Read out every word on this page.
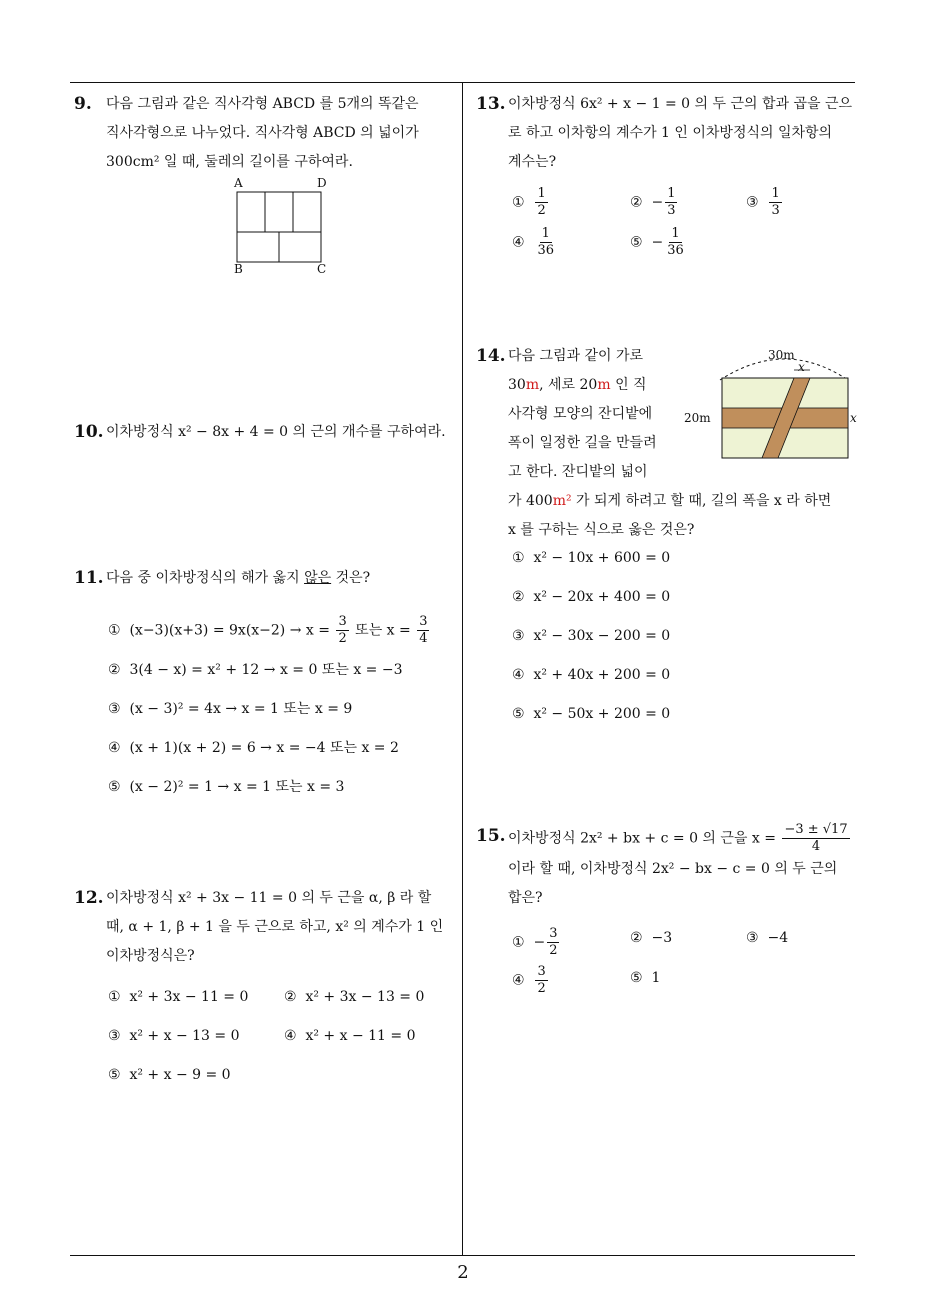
9. 다음 그림과 같은 직사각형 ABCD 를 5개의 똑같은
직사각형으로 나누었다. 직사각형 ABCD 의 넓이가
300cm² 일 때, 둘레의 길이를 구하여라.
A	D
B	C
10. 이차방정식 x² − 8x + 4 = 0 의 근의 개수를 구하여라.
11. 다음 중 이차방정식의 해가 옳지 않은 것은?
① $(x-3)(x+3) = 9x(x-2) \to x = \frac{3}{2}$ 또는 $x = \frac{3}{4}$
② 3(4 − x) = x² + 12 → x = 0 또는 x = −3
③ (x − 3)² = 4x → x = 1 또는 x = 9
④ (x + 1)(x + 2) = 6 → x = −4 또는 x = 2
⑤ (x − 2)² = 1 → x = 1 또는 x = 3
12. 이차방정식 x² + 3x − 11 = 0 의 두 근을 α, β 라 할
때, α + 1, β + 1 을 두 근으로 하고, x² 의 계수가 1 인
이차방정식은?
① x² + 3x − 11 = 0	② x² + 3x − 13 = 0
③ x² + x − 13 = 0	④ x² + x − 11 = 0
⑤ x² + x − 9 = 0
13. 이차방정식 6x² + x − 1 = 0 의 두 근의 합과 곱을 근으
로 하고 이차항의 계수가 1 인 이차방정식의 일차항의
계수는?
① $\frac{1}{2}$	② − $\frac{1}{3}$	③ $\frac{1}{3}$
④ $\frac{1}{36}$	⑤ − $\frac{1}{36}$
14. 다음 그림과 같이 가로
30m, 세로 20m 인 직
사각형 모양의 잔디밭에
폭이 일정한 길을 만들려
고 한다. 잔디밭의 넓이
가 400m² 가 되게 하려고 할 때, 길의 폭을 x 라 하면
x 를 구하는 식으로 옳은 것은?
30m
x
20m	x
① x² − 10x + 600 = 0
② x² − 20x + 400 = 0
③ x² − 30x − 200 = 0
④ x² + 40x + 200 = 0
⑤ x² − 50x + 200 = 0
15. 이차방정식 2x² + bx + c = 0 의 근을 $x = \frac{-3 \pm √17}{4}$
이라 할 때, 이차방정식 2x² − bx − c = 0 의 두 근의
합은?
① − $\frac{3}{2}$	② −3	③ −4
④ $\frac{3}{2}$	⑤ 1
2
